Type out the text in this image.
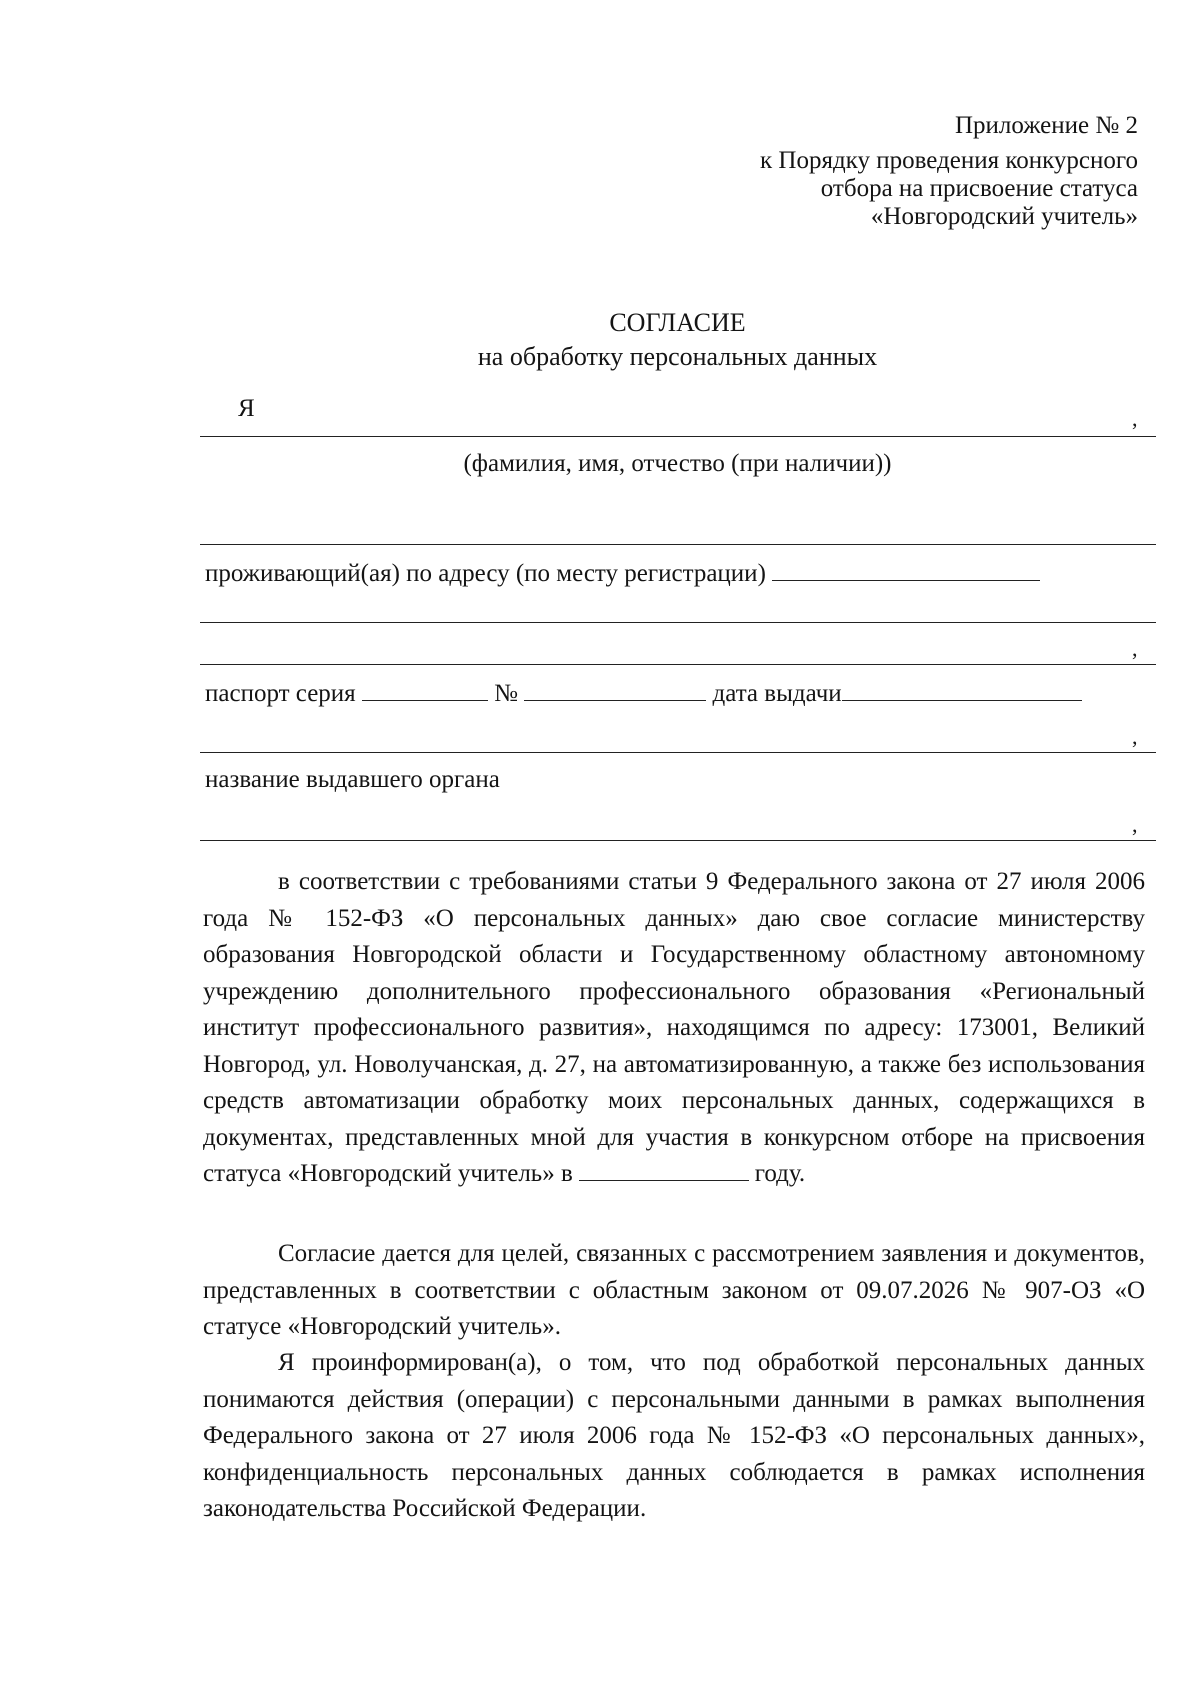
Приложение № 2
к Порядку проведения конкурсного
отбора на присвоение статуса
«Новгородский учитель»
СОГЛАСИЕ
на обработку персональных данных
Я	,
(фамилия, имя, отчество (при наличии))
проживающий(ая) по адресу (по месту регистрации)
,
паспорт серия	№	дата выдачи
,
название выдавшего органа
,

в соответствии с требованиями статьи 9 Федерального закона от 27 июля 2006 года № 152-ФЗ «О персональных данных» даю свое согласие министерству образования Новгородской области и Государственному областному автономному учреждению дополнительного профессионального образования «Региональный институт профессионального развития», находящимся по адресу: 173001, Великий Новгород, ул. Новолучанская, д. 27, на автоматизированную, а также без использования средств автоматизации обработку моих персональных данных, содержащихся в документах, представленных мной для участия в конкурсном отборе на присвоения статуса «Новгородский учитель» в	году.

Согласие дается для целей, связанных с рассмотрением заявления и документов, представленных в соответствии с областным законом от 09.07.2026 № 907-ОЗ «О статусе «Новгородский учитель».

Я проинформирован(а), о том, что под обработкой персональных данных понимаются действия (операции) с персональными данными в рамках выполнения Федерального закона от 27 июля 2006 года № 152-ФЗ «О персональных данных», конфиденциальность персональных данных соблюдается в рамках исполнения законодательства Российской Федерации.
